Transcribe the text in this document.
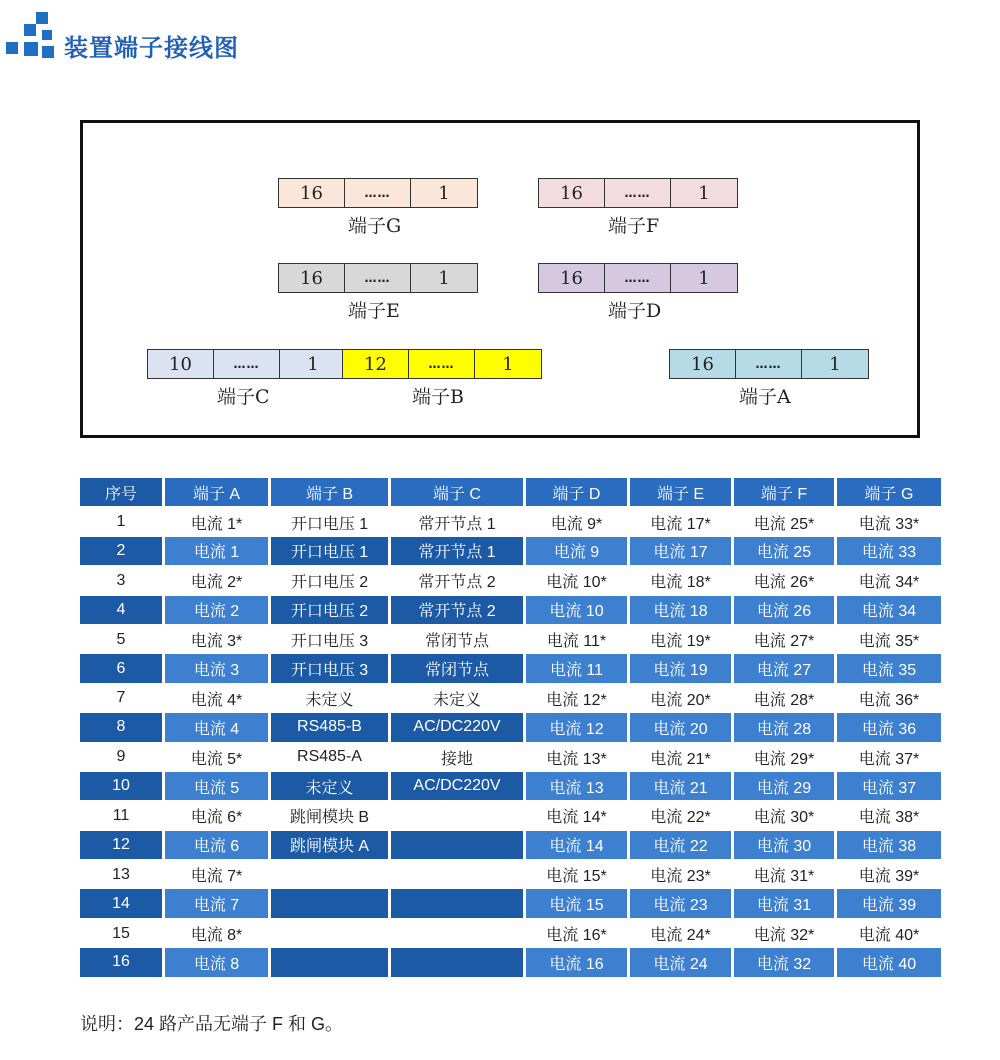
装置端子接线图
16	……	1
端子G
16	……	1
端子F
16	……	1
端子E
16	……	1
端子D
10	……	1
端子C
12	……	1
端子B
16	……	1
端子A
序号	端子 A	端子 B	端子 C	端子 D	端子 E	端子 F	端子 G
1	电流 1*	开口电压 1	常开节点 1	电流 9*	电流 17*	电流 25*	电流 33*
2	电流 1	开口电压 1	常开节点 1	电流 9	电流 17	电流 25	电流 33
3	电流 2*	开口电压 2	常开节点 2	电流 10*	电流 18*	电流 26*	电流 34*
4	电流 2	开口电压 2	常开节点 2	电流 10	电流 18	电流 26	电流 34
5	电流 3*	开口电压 3	常闭节点	电流 11*	电流 19*	电流 27*	电流 35*
6	电流 3	开口电压 3	常闭节点	电流 11	电流 19	电流 27	电流 35
7	电流 4*	未定义	未定义	电流 12*	电流 20*	电流 28*	电流 36*
8	电流 4	RS485-B	AC/DC220V	电流 12	电流 20	电流 28	电流 36
9	电流 5*	RS485-A	接地	电流 13*	电流 21*	电流 29*	电流 37*
10	电流 5	未定义	AC/DC220V	电流 13	电流 21	电流 29	电流 37
11	电流 6*	跳闸模块 B		电流 14*	电流 22*	电流 30*	电流 38*
12	电流 6	跳闸模块 A		电流 14	电流 22	电流 30	电流 38
13	电流 7*			电流 15*	电流 23*	电流 31*	电流 39*
14	电流 7			电流 15	电流 23	电流 31	电流 39
15	电流 8*			电流 16*	电流 24*	电流 32*	电流 40*
16	电流 8			电流 16	电流 24	电流 32	电流 40
说明：24 路产品无端子 F 和 G。
